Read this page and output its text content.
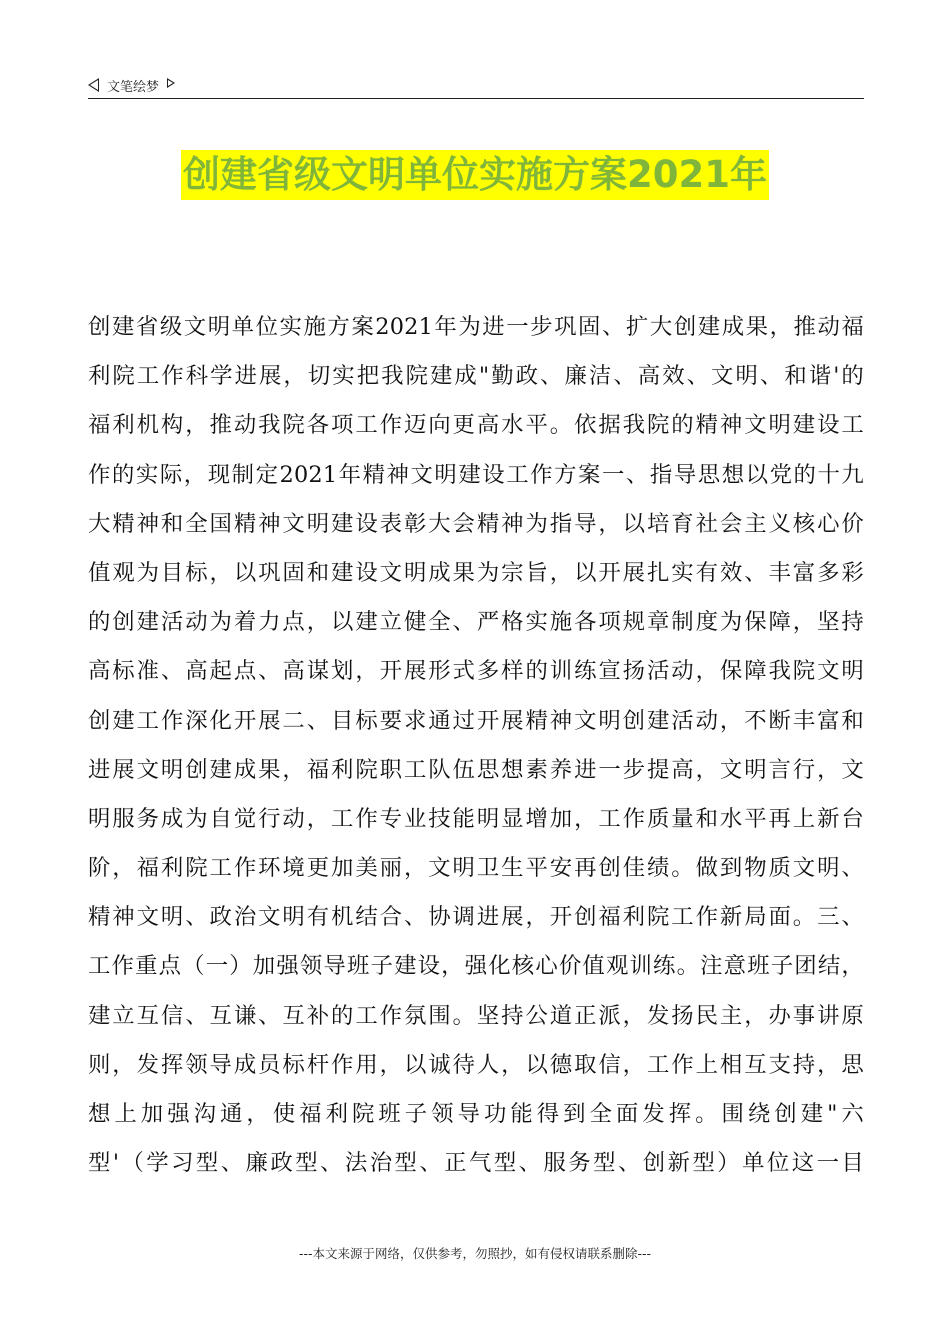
文笔绘梦
创建省级文明单位实施方案2021年
创建省级文明单位实施方案2021年为进一步巩固、扩大创建成果，推动福
利院工作科学进展，切实把我院建成"勤政、廉洁、高效、文明、和谐'的
福利机构，推动我院各项工作迈向更高水平。依据我院的精神文明建设工
作的实际，现制定2021年精神文明建设工作方案一、指导思想以党的十九
大精神和全国精神文明建设表彰大会精神为指导，以培育社会主义核心价
值观为目标，以巩固和建设文明成果为宗旨，以开展扎实有效、丰富多彩
的创建活动为着力点，以建立健全、严格实施各项规章制度为保障，坚持
高标准、高起点、高谋划，开展形式多样的训练宣扬活动，保障我院文明
创建工作深化开展二、目标要求通过开展精神文明创建活动，不断丰富和
进展文明创建成果，福利院职工队伍思想素养进一步提高，文明言行，文
明服务成为自觉行动，工作专业技能明显增加，工作质量和水平再上新台
阶，福利院工作环境更加美丽，文明卫生平安再创佳绩。做到物质文明、
精神文明、政治文明有机结合、协调进展，开创福利院工作新局面。三、
工作重点（一）加强领导班子建设，强化核心价值观训练。注意班子团结，
建立互信、互谦、互补的工作氛围。坚持公道正派，发扬民主，办事讲原
则，发挥领导成员标杆作用，以诚待人，以德取信，工作上相互支持，思
想上加强沟通，使福利院班子领导功能得到全面发挥。围绕创建"六
型'（学习型、廉政型、法治型、正气型、服务型、创新型）单位这一目
---本文来源于网络，仅供参考，勿照抄，如有侵权请联系删除---
